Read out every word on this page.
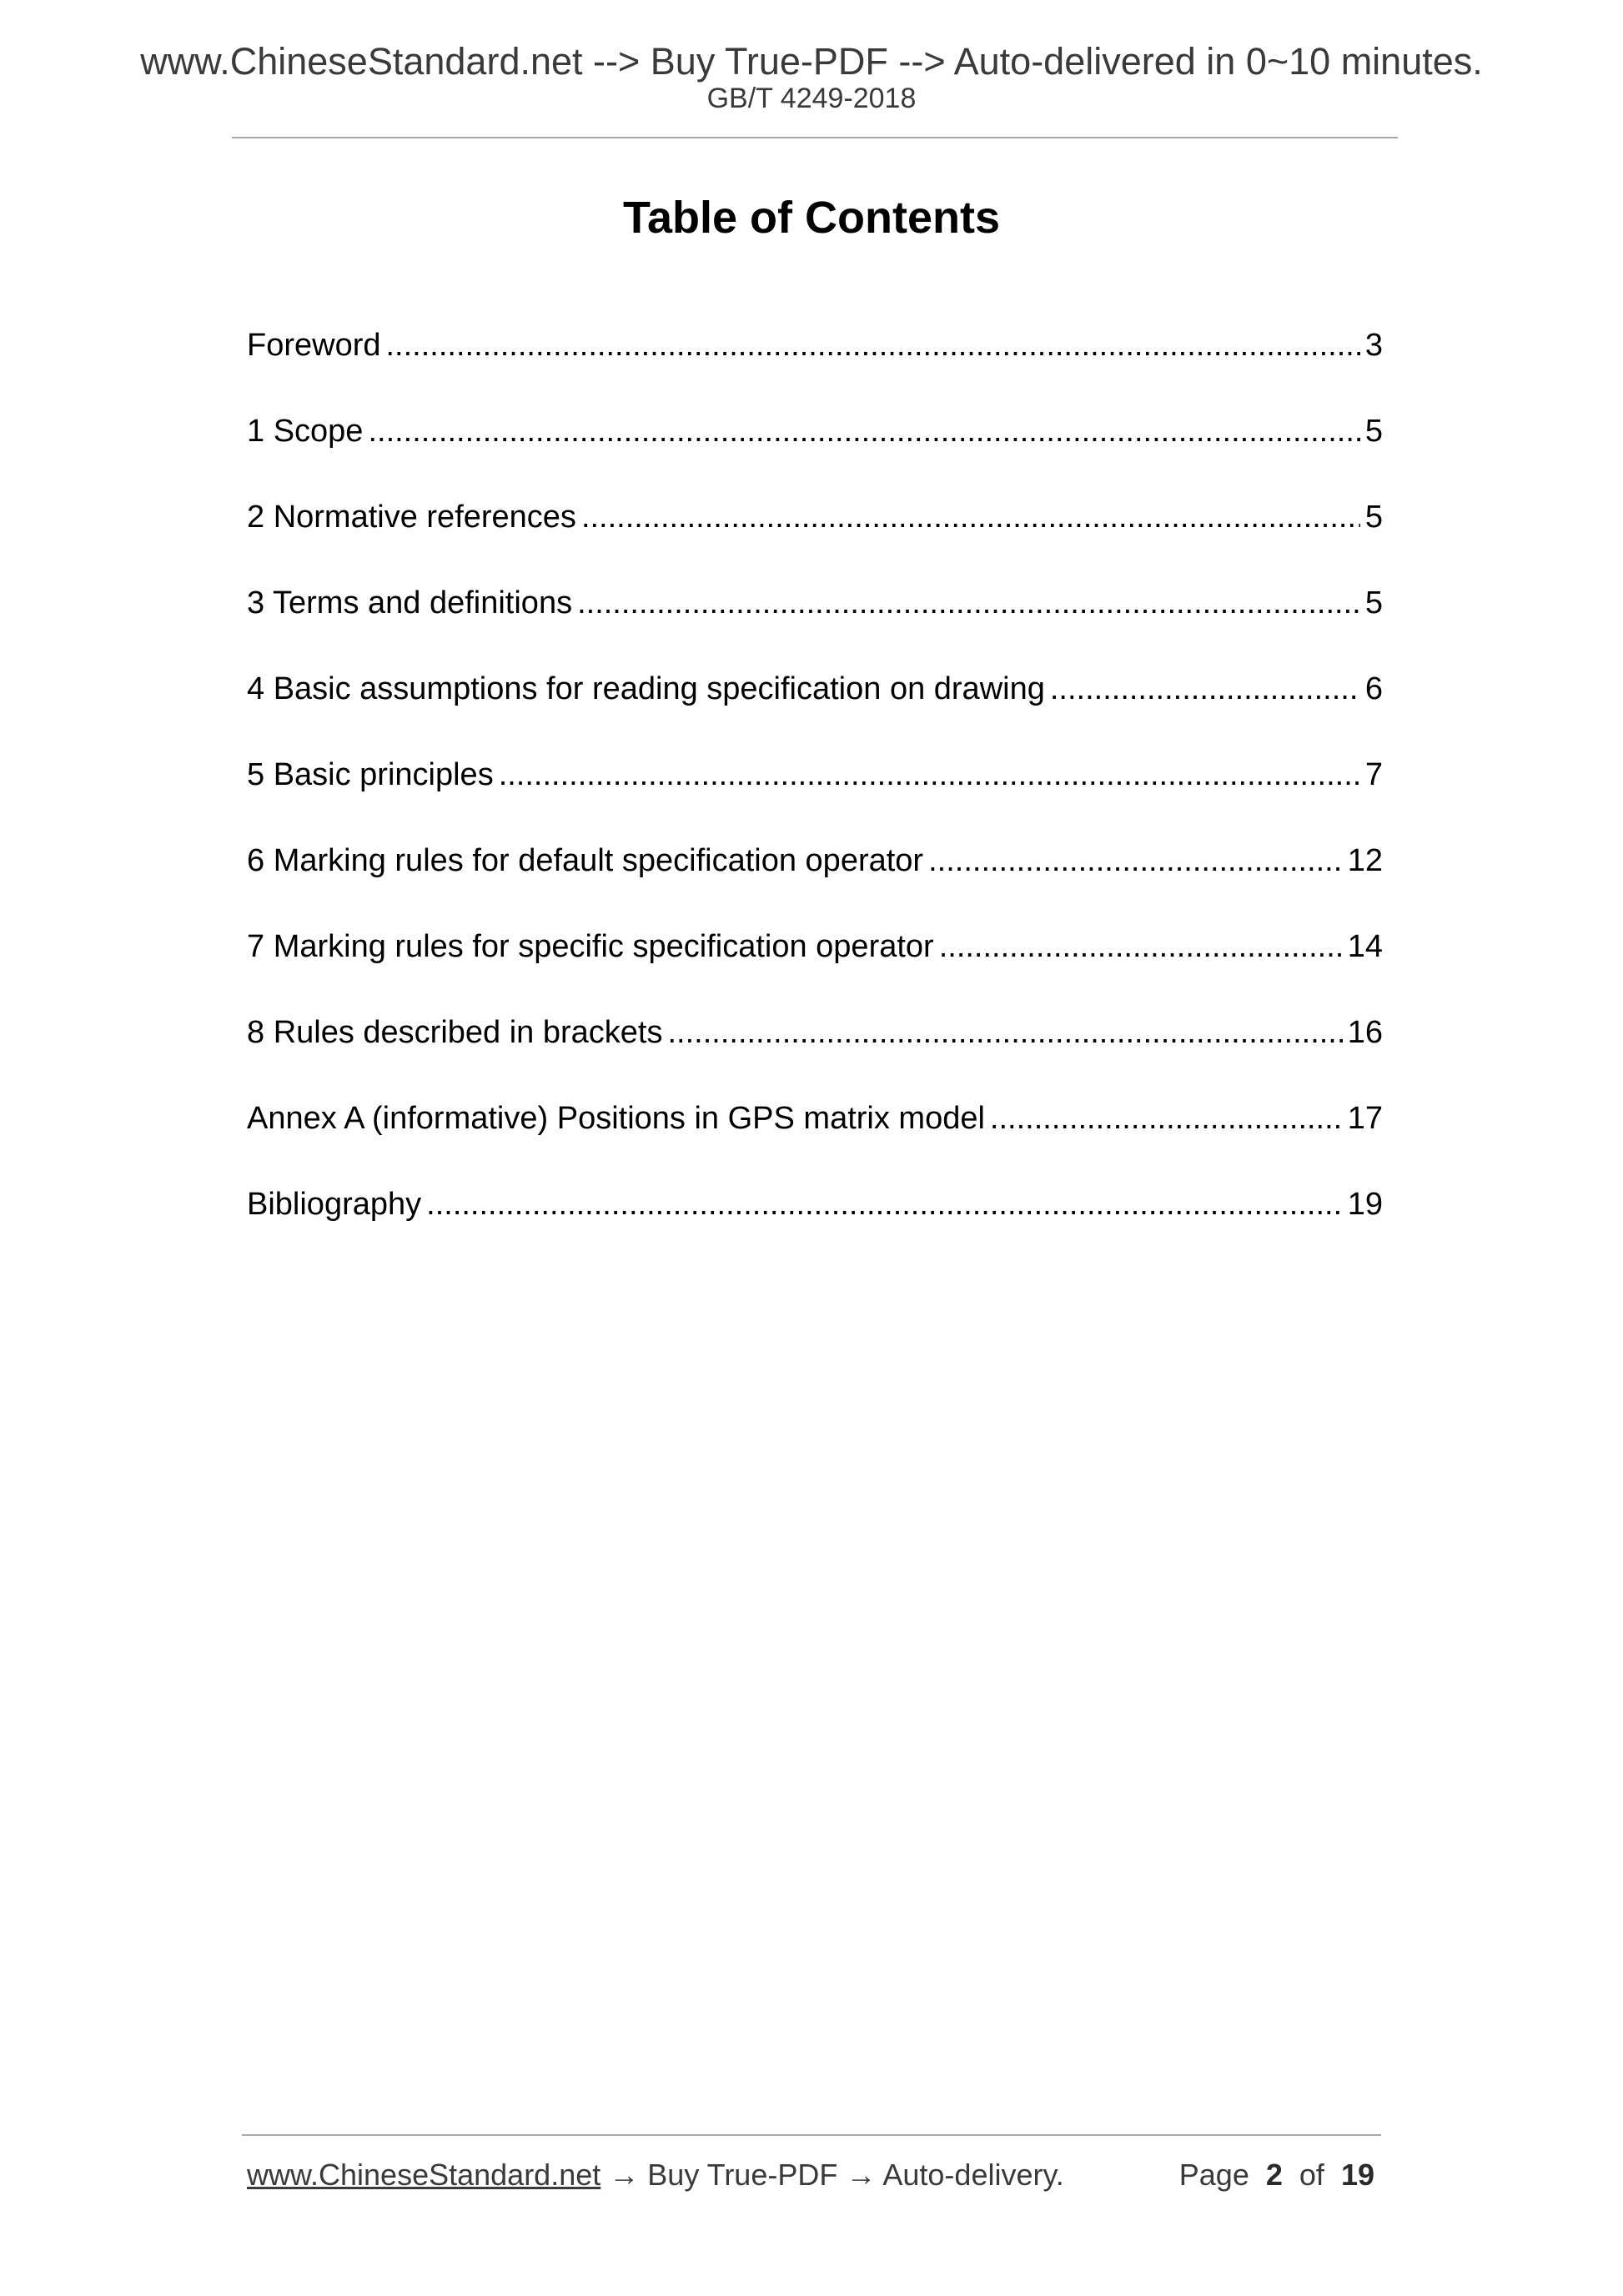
www.ChineseStandard.net --> Buy True-PDF --> Auto-delivered in 0~10 minutes.
GB/T 4249-2018
Table of Contents
Foreword .....	3
1 Scope .....	5
2 Normative references .....	5
3 Terms and definitions .....	5
4 Basic assumptions for reading specification on drawing .....	6
5 Basic principles .....	7
6 Marking rules for default specification operator .....	12
7 Marking rules for specific specification operator .....	14
8 Rules described in brackets .....	16
Annex A (informative) Positions in GPS matrix model .....	17
Bibliography .....	19
www.ChineseStandard.net → Buy True-PDF → Auto-delivery.	Page 2 of 19
